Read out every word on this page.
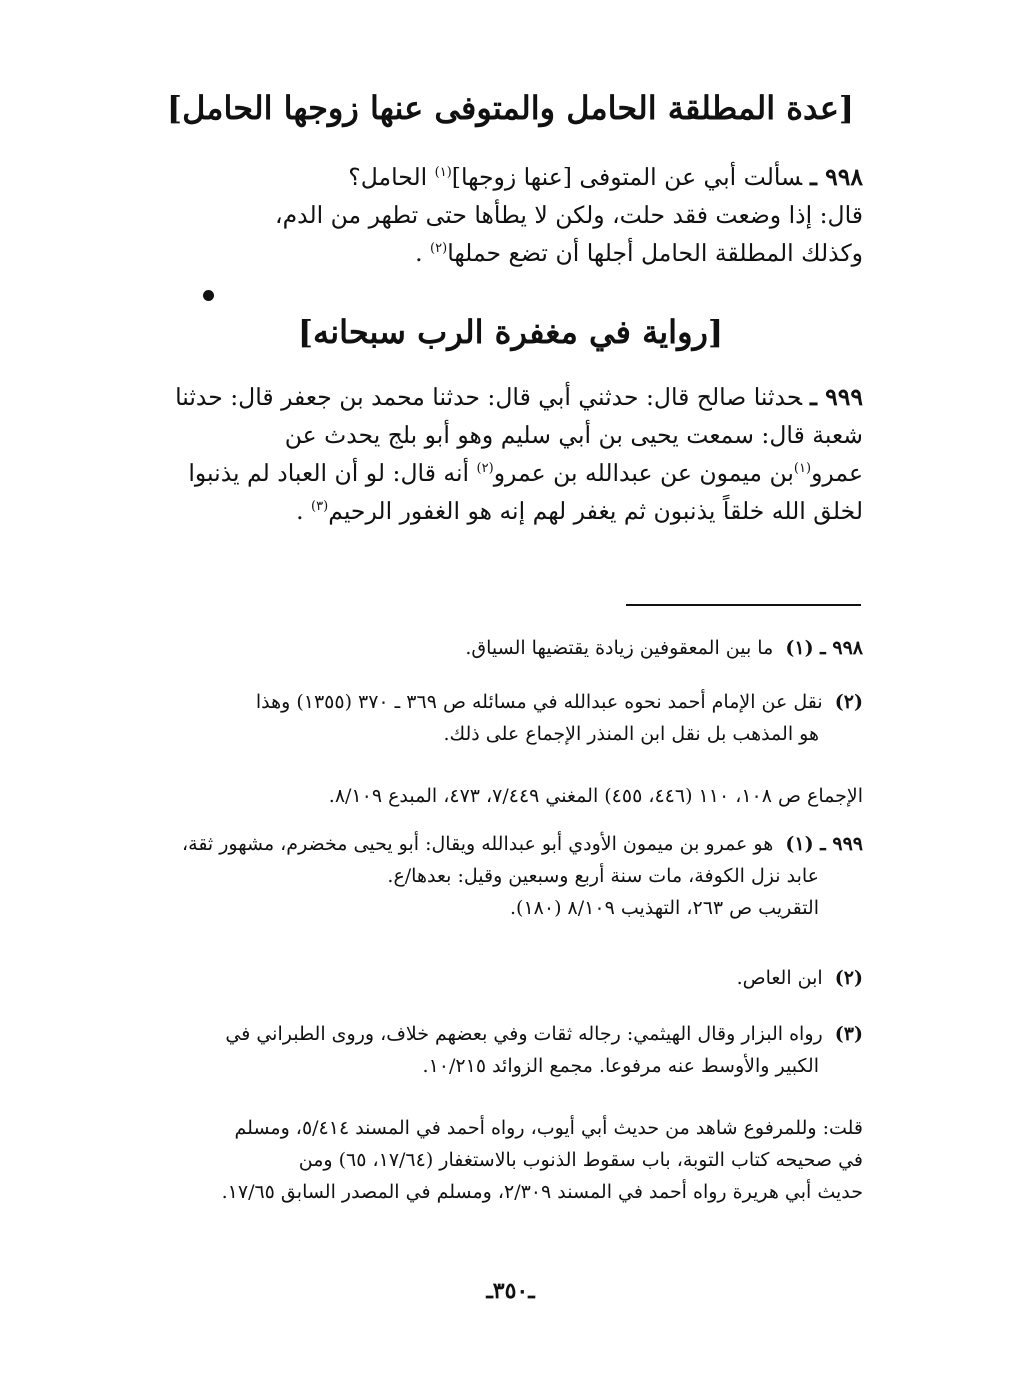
[عدة المطلقة الحامل والمتوفى عنها زوجها الحامل]
٩٩٨ ـسألت أبي عن المتوفى [عنها زوجها]$^{(١)}$ الحامل؟
قال: إذا وضعت فقد حلت، ولكن لا يطأها حتى تطهر من الدم،
وكذلك المطلقة الحامل أجلها أن تضع حملها$^{(٢)}$ .
[رواية في مغفرة الرب سبحانه]
٩٩٩ ـحدثنا صالح قال: حدثني أبي قال: حدثنا محمد بن جعفر قال: حدثنا
شعبة قال: سمعت يحيى بن أبي سليم وهو أبو بلج يحدث عن
عمرو$^{(١)}$بن ميمون عن عبدالله بن عمرو$^{(٢)}$ أنه قال: لو أن العباد لم يذنبوا
لخلق الله خلقاً يذنبون ثم يغفر لهم إنه هو الغفور الرحيم$^{(٣)}$ .
٩٩٨ ـ (١)  ما بين المعقوفين زيادة يقتضيها السياق.
(٢)  نقل عن الإمام أحمد نحوه عبدالله في مسائله ص ٣٦٩ ـ ٣٧٠ (١٣٥٥) وهذا
هو المذهب بل نقل ابن المنذر الإجماع على ذلك.
الإجماع ص ١٠٨، ١١٠ (٤٤٦، ٤٥٥) المغني ٧/٤٤٩، ٤٧٣، المبدع ٨/١٠٩.
٩٩٩ ـ (١)  هو عمرو بن ميمون الأودي أبو عبدالله ويقال: أبو يحيى مخضرم، مشهور ثقة،
عابد نزل الكوفة، مات سنة أربع وسبعين وقيل: بعدها/ع.
التقريب ص ٢٦٣، التهذيب ٨/١٠٩ (١٨٠).
(٢)  ابن العاص.
(٣)  رواه البزار وقال الهيثمي: رجاله ثقات وفي بعضهم خلاف، وروى الطبراني في
الكبير والأوسط عنه مرفوعا. مجمع الزوائد ١٠/٢١٥.
قلت: وللمرفوع شاهد من حديث أبي أيوب، رواه أحمد في المسند ٥/٤١٤، ومسلم
في صحيحه كتاب التوبة، باب سقوط الذنوب بالاستغفار (١٧/٦٤، ٦٥) ومن
حديث أبي هريرة رواه أحمد في المسند ٢/٣٠٩، ومسلم في المصدر السابق ١٧/٦٥.
ـ٣٥٠ـ
